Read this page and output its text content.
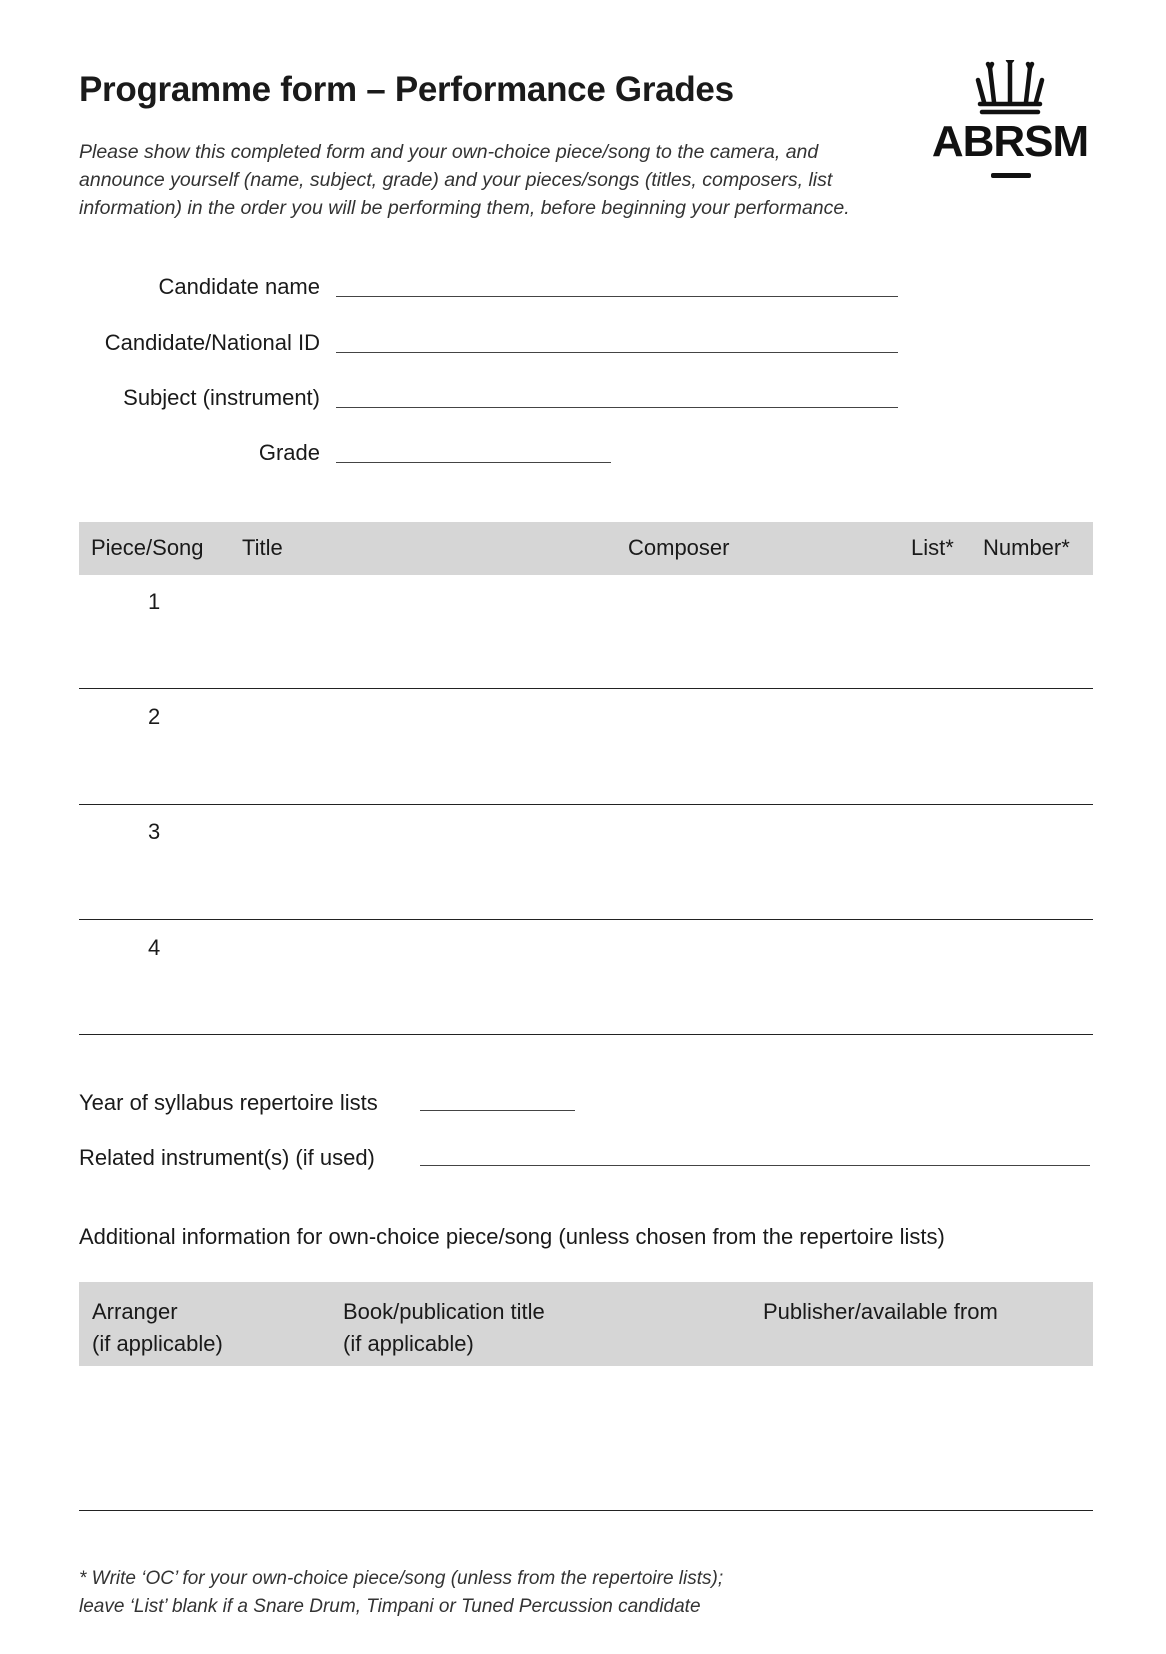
Programme form – Performance Grades
Please show this completed form and your own-choice piece/song to the camera, and announce yourself (name, subject, grade) and your pieces/songs (titles, composers, list information) in the order you will be performing them, before beginning your performance.
ABRSM
Candidate name
Candidate/National ID
Subject (instrument)
Grade
Piece/Song Title	Composer	List* Number*
1
2
3
4
Year of syllabus repertoire lists
Related instrument(s) (if used)
Additional information for own-choice piece/song (unless chosen from the repertoire lists)
Arranger
(if applicable)
Book/publication title
(if applicable)
Publisher/available from
* Write ‘OC’ for your own-choice piece/song (unless from the repertoire lists);
leave ‘List’ blank if a Snare Drum, Timpani or Tuned Percussion candidate
